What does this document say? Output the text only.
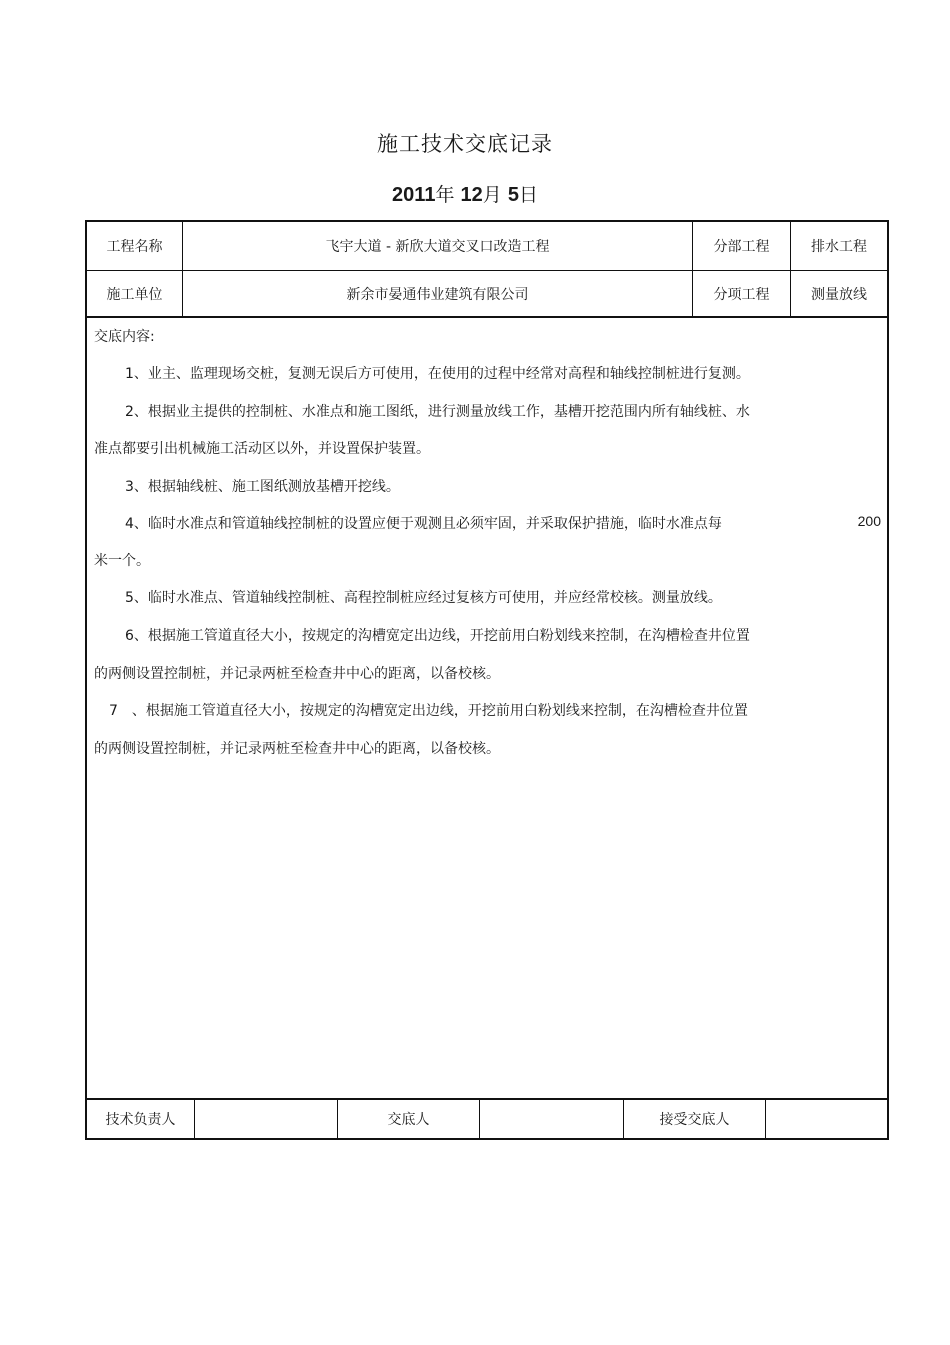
施工技术交底记录
2011年 12月 5日
工程名称	飞宇大道 - 新欣大道交叉口改造工程	分部工程	排水工程
施工单位	新余市晏通伟业建筑有限公司	分项工程	测量放线
交底内容:
1、业主、监理现场交桩，复测无误后方可使用，在使用的过程中经常对高程和轴线控制桩进行复测。
2、根据业主提供的控制桩、水准点和施工图纸，进行测量放线工作，基槽开挖范围内所有轴线桩、水
准点都要引出机械施工活动区以外，并设置保护装置。
3、根据轴线桩、施工图纸测放基槽开挖线。
4、临时水准点和管道轴线控制桩的设置应便于观测且必须牢固，并采取保护措施，临时水准点每	200
米一个。
5、临时水准点、管道轴线控制桩、高程控制桩应经过复核方可使用，并应经常校核。测量放线。
6、根据施工管道直径大小，按规定的沟槽宽定出边线，开挖前用白粉划线来控制，在沟槽检查井位置
的两侧设置控制桩，并记录两桩至检查井中心的距离，以备校核。
7　、根据施工管道直径大小，按规定的沟槽宽定出边线，开挖前用白粉划线来控制，在沟槽检查井位置
的两侧设置控制桩，并记录两桩至检查井中心的距离，以备校核。
技术负责人	交底人	接受交底人
